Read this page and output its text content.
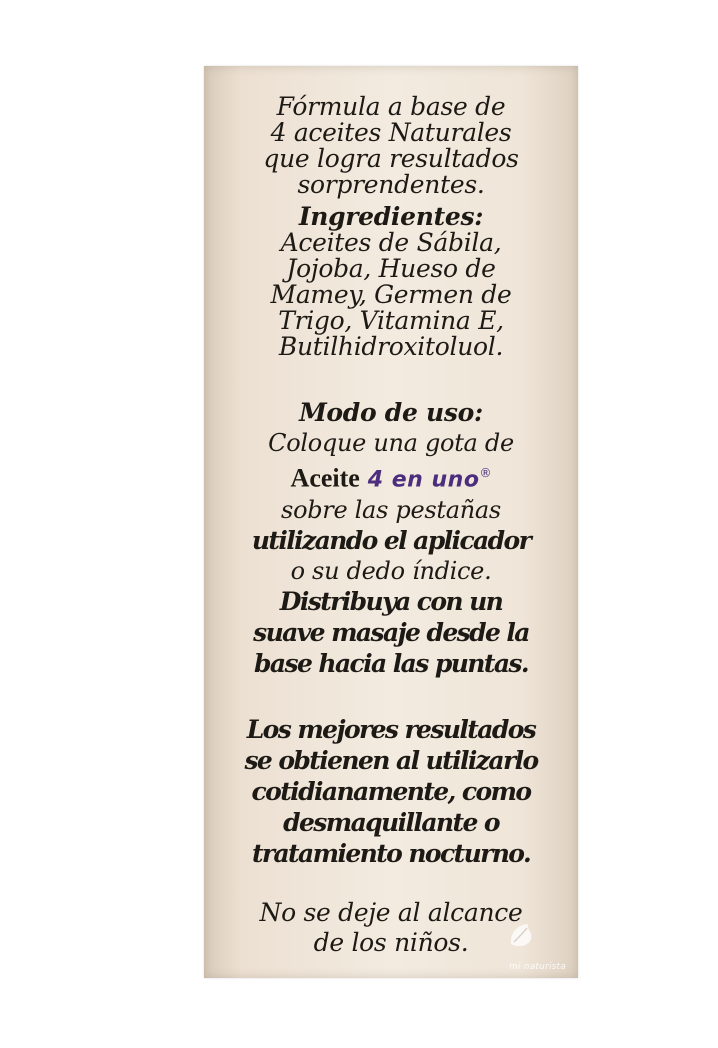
Fórmula a base de
4 aceites Naturales
que logra resultados
sorprendentes.
Ingredientes:
Aceites de Sábila,
Jojoba, Hueso de
Mamey, Germen de
Trigo, Vitamina E,
Butilhidroxitoluol.
Modo de uso:
Coloque una gota de
Aceite 4 en uno®
sobre las pestañas
utilizando el aplicador
o su dedo índice.
Distribuya con un
suave masaje desde la
base hacia las puntas.
Los mejores resultados
se obtienen al utilizarlo
cotidianamente, como
desmaquillante o
tratamiento nocturno.
No se deje al alcance
de los niños.
mi naturista
